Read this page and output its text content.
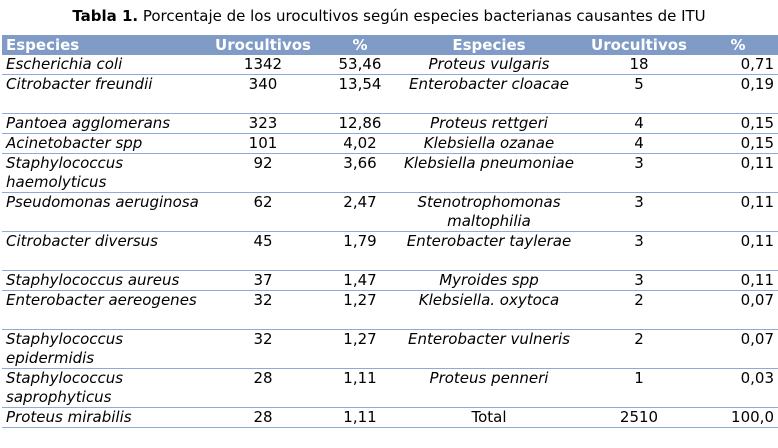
Tabla 1. Porcentaje de los urocultivos según especies bacterianas causantes de ITU
Especies	Urocultivos	%	Especies	Urocultivos	%
Escherichia coli	1342	53,46	Proteus vulgaris	18	0,71
Citrobacter freundii	340	13,54	Enterobacter cloacae	5	0,19
Pantoea agglomerans	323	12,86	Proteus rettgeri	4	0,15
Acinetobacter spp	101	4,02	Klebsiella ozanae	4	0,15
Staphylococcus haemolyticus	92	3,66	Klebsiella pneumoniae	3	0,11
Pseudomonas aeruginosa	62	2,47	Stenotrophomonas maltophilia	3	0,11
Citrobacter diversus	45	1,79	Enterobacter taylerae	3	0,11
Staphylococcus aureus	37	1,47	Myroides spp	3	0,11
Enterobacter aereogenes	32	1,27	Klebsiella. oxytoca	2	0,07
Staphylococcus epidermidis	32	1,27	Enterobacter vulneris	2	0,07
Staphylococcus saprophyticus	28	1,11	Proteus penneri	1	0,03
Proteus mirabilis	28	1,11	Total	2510	100,0
